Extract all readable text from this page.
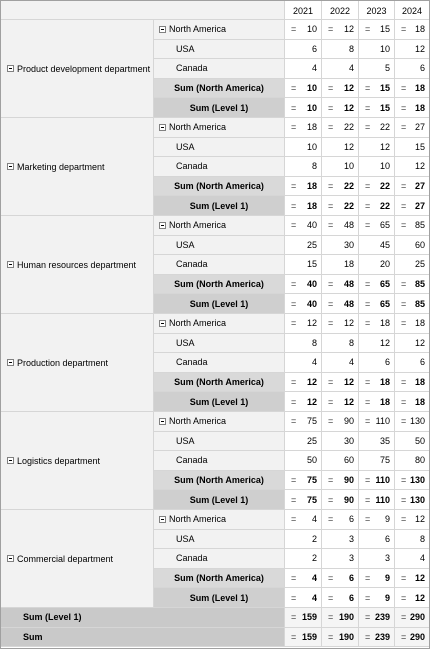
2021	2022	2023	2024
Product development department
North America	= 10 = 12 = 15 = 18
USA	6	8	10	12
Canada	4	4	5	6
Sum (North America)	= 10 = 12 = 15 = 18
Sum (Level 1)	= 10 = 12 = 15 = 18
Marketing department
North America	= 18 = 22 = 22 = 27
USA	10	12	12	15
Canada	8	10	10	12
Sum (North America)	= 18 = 22 = 22 = 27
Sum (Level 1)	= 18 = 22 = 22 = 27
Human resources department
North America	= 40 = 48 = 65 = 85
USA	25	30	45	60
Canada	15	18	20	25
Sum (North America)	= 40 = 48 = 65 = 85
Sum (Level 1)	= 40 = 48 = 65 = 85
Production department
North America	= 12 = 12 = 18 = 18
USA	8	8	12	12
Canada	4	4	6	6
Sum (North America)	= 12 = 12 = 18 = 18
Sum (Level 1)	= 12 = 12 = 18 = 18
Logistics department
North America	= 75 = 90 = 110 = 130
USA	25	30	35	50
Canada	50	60	75	80
Sum (North America)	= 75 = 90 = 110 = 130
Sum (Level 1)	= 75 = 90 = 110 = 130
Commercial department
North America	= 4 = 6 = 9 = 12
USA	2	3	6	8
Canada	2	3	3	4
Sum (North America)	= 4 = 6 = 9 = 12
Sum (Level 1)	= 4 = 6 = 9 = 12
Sum (Level 1)	= 159 = 190 = 239 = 290
Sum	= 159 = 190 = 239 = 290
